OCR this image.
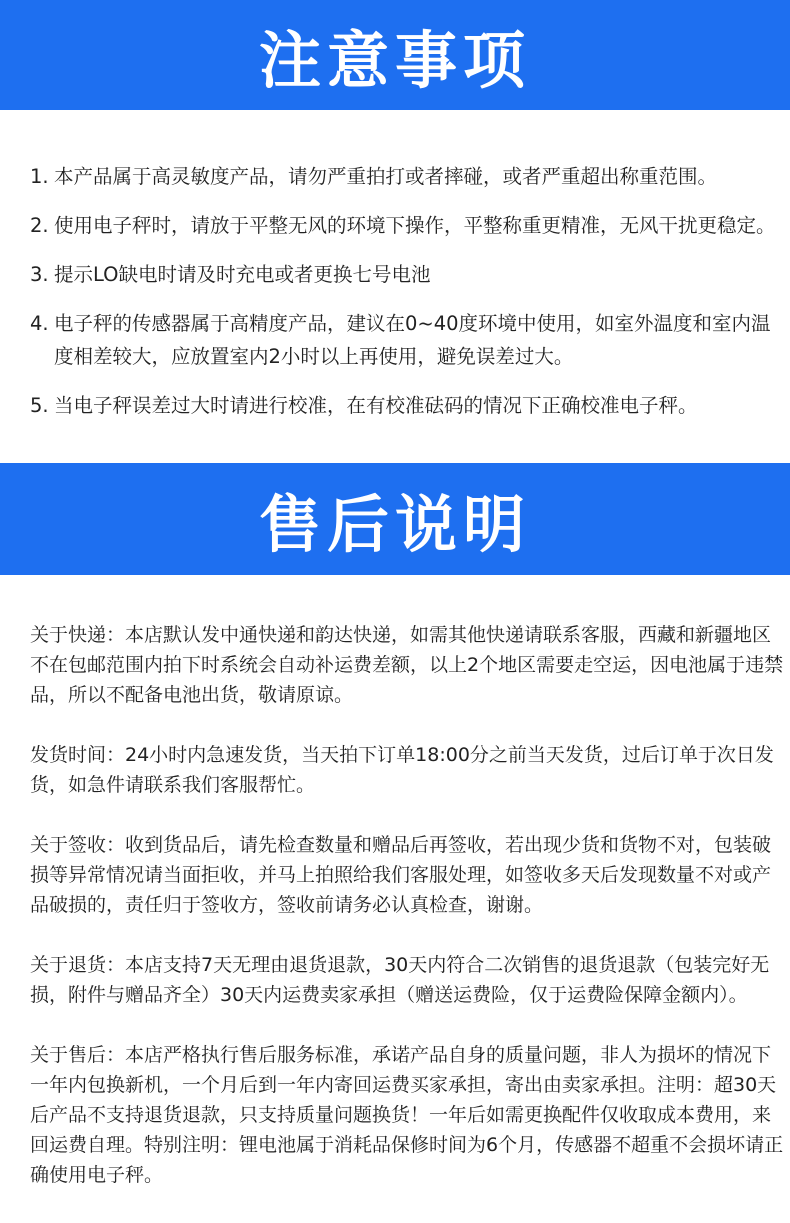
注意事项
1. 本产品属于高灵敏度产品，请勿严重拍打或者摔碰，或者严重超出称重范围。
2. 使用电子秤时，请放于平整无风的环境下操作，平整称重更精准，无风干扰更稳定。
3. 提示LO缺电时请及时充电或者更换七号电池
4. 电子秤的传感器属于高精度产品，建议在0~40度环境中使用，如室外温度和室内温度相差较大，应放置室内2小时以上再使用，避免误差过大。
5. 当电子秤误差过大时请进行校准，在有校准砝码的情况下正确校准电子秤。
售后说明

关于快递：本店默认发中通快递和韵达快递，如需其他快递请联系客服，西藏和新疆地区不在包邮范围内拍下时系统会自动补运费差额，以上2个地区需要走空运，因电池属于违禁品，所以不配备电池出货，敬请原谅。

发货时间：24小时内急速发货，当天拍下订单18:00分之前当天发货，过后订单于次日发货，如急件请联系我们客服帮忙。

关于签收：收到货品后，请先检查数量和赠品后再签收，若出现少货和货物不对，包装破损等异常情况请当面拒收，并马上拍照给我们客服处理，如签收多天后发现数量不对或产品破损的，责任归于签收方，签收前请务必认真检查，谢谢。

关于退货：本店支持7天无理由退货退款，30天内符合二次销售的退货退款（包装完好无损，附件与赠品齐全）30天内运费卖家承担（赠送运费险，仅于运费险保障金额内）。

关于售后：本店严格执行售后服务标准，承诺产品自身的质量问题，非人为损坏的情况下一年内包换新机，一个月后到一年内寄回运费买家承担，寄出由卖家承担。注明：超30天后产品不支持退货退款，只支持质量问题换货！一年后如需更换配件仅收取成本费用，来回运费自理。特别注明：锂电池属于消耗品保修时间为6个月，传感器不超重不会损坏请正确使用电子秤。
